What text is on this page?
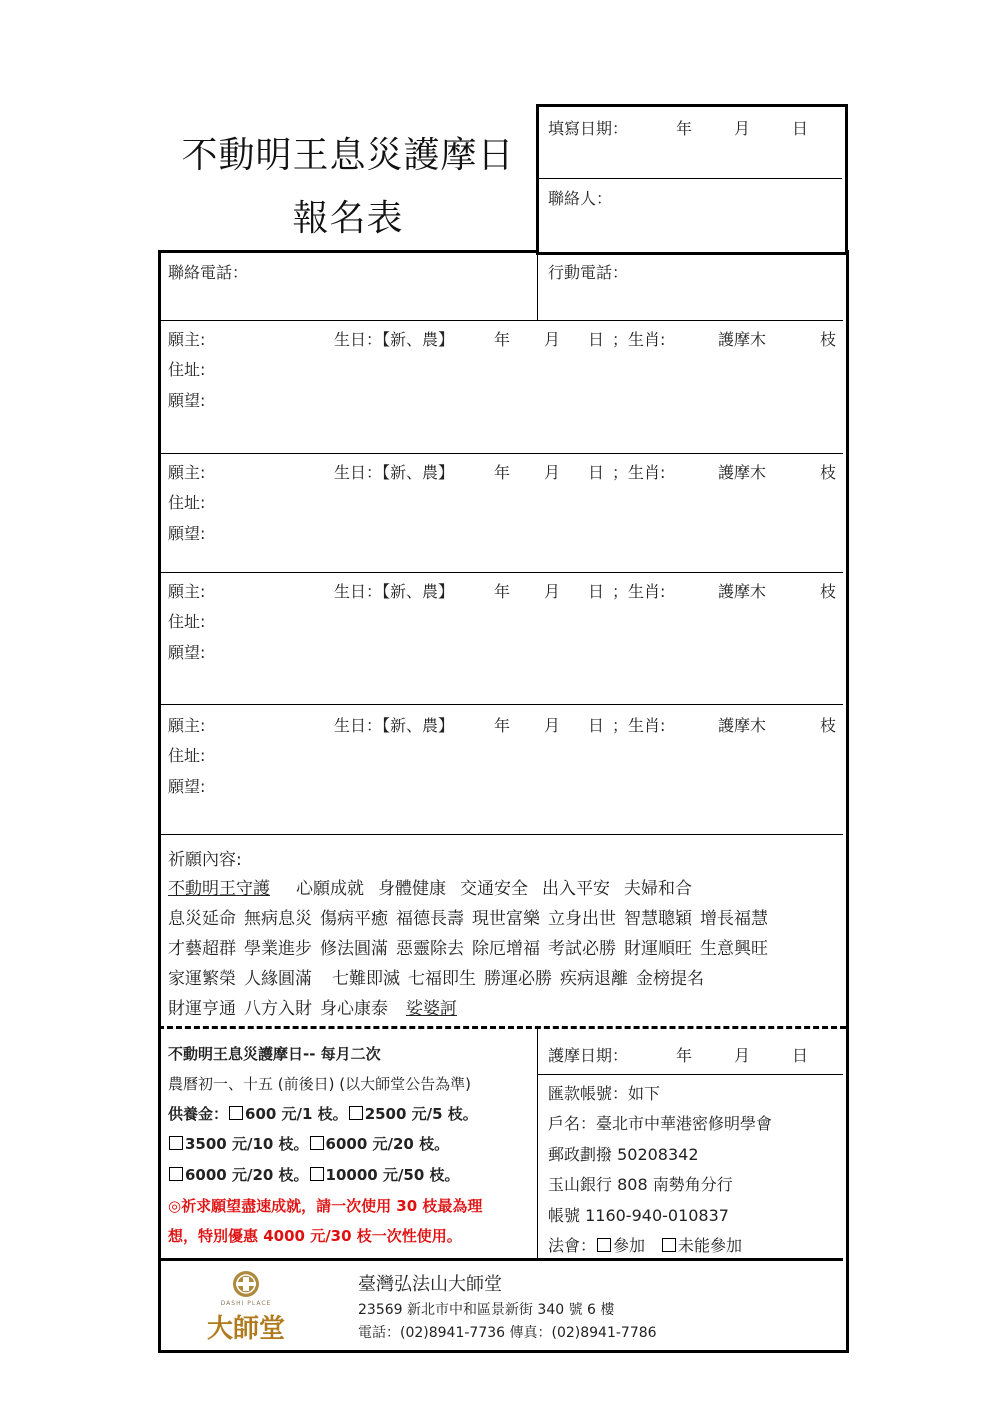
不動明王息災護摩日
報名表
填寫日期：	年	月	日
聯絡人：
聯絡電話：	行動電話：
願主:	生日：【新、農】 年 月 日 ；生肖:	護摩木	枝
住址:
願望:
願主:	生日：【新、農】 年 月 日 ；生肖:	護摩木	枝
住址:
願望:
願主:	生日：【新、農】 年 月 日 ；生肖:	護摩木	枝
住址:
願望:
願主:	生日：【新、農】 年 月 日 ；生肖:	護摩木	枝
住址:
願望:
祈願內容:
不動明王守護 心願成就 身體健康 交通安全 出入平安 夫婦和合
息災延命 無病息災 傷病平癒 福德長壽 現世富樂 立身出世 智慧聰穎 增長福慧
才藝超群 學業進步 修法圓滿 惡靈除去 除厄增福 考試必勝 財運順旺 生意興旺
家運繁榮 人緣圓滿 七難即滅 七福即生 勝運必勝 疾病退離 金榜提名
財運亨通 八方入財 身心康泰 娑婆訶
不動明王息災護摩日-- 每月二次
農曆初一、十五 (前後日) (以大師堂公告為準)
供養金： 600 元/1 枝。 2500 元/5 枝。
3500 元/10 枝。 6000 元/20 枝。
6000 元/20 枝。 10000 元/50 枝。
◎祈求願望盡速成就，請一次使用 30 枝最為理
想，特別優惠 4000 元/30 枝一次性使用。
護摩日期：	年	月	日
匯款帳號：如下
戶名：臺北市中華港密修明學會
郵政劃撥 50208342
玉山銀行 808 南勢角分行
帳號 1160-940-010837
法會： 參加 未能參加
DASHI PLACE
大師堂
臺灣弘法山大師堂
23569 新北市中和區景新街 340 號 6 樓
電話：(02)8941-7736 傳真：(02)8941-7786
